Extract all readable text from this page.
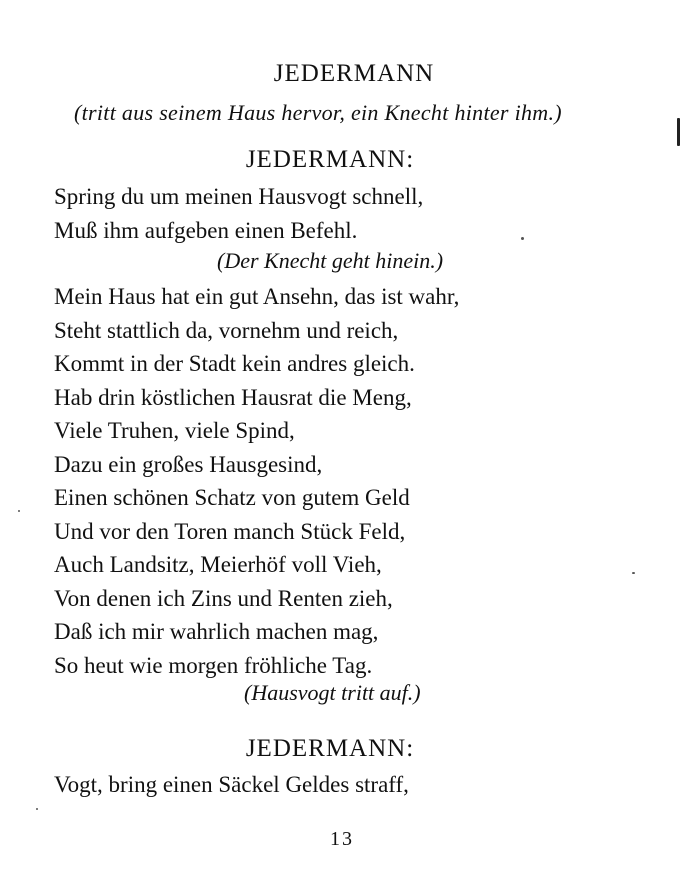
JEDERMANN
(tritt aus seinem Haus hervor, ein Knecht hinter ihm.)
JEDERMANN:
Spring du um meinen Hausvogt schnell,
Muß ihm aufgeben einen Befehl.
(Der Knecht geht hinein.)
Mein Haus hat ein gut Ansehn, das ist wahr,
Steht stattlich da, vornehm und reich,
Kommt in der Stadt kein andres gleich.
Hab drin köstlichen Hausrat die Meng,
Viele Truhen, viele Spind,
Dazu ein großes Hausgesind,
Einen schönen Schatz von gutem Geld
Und vor den Toren manch Stück Feld,
Auch Landsitz, Meierhöf voll Vieh,
Von denen ich Zins und Renten zieh,
Daß ich mir wahrlich machen mag,
So heut wie morgen fröhliche Tag.
(Hausvogt tritt auf.)
JEDERMANN:
Vogt, bring einen Säckel Geldes straff,
13
